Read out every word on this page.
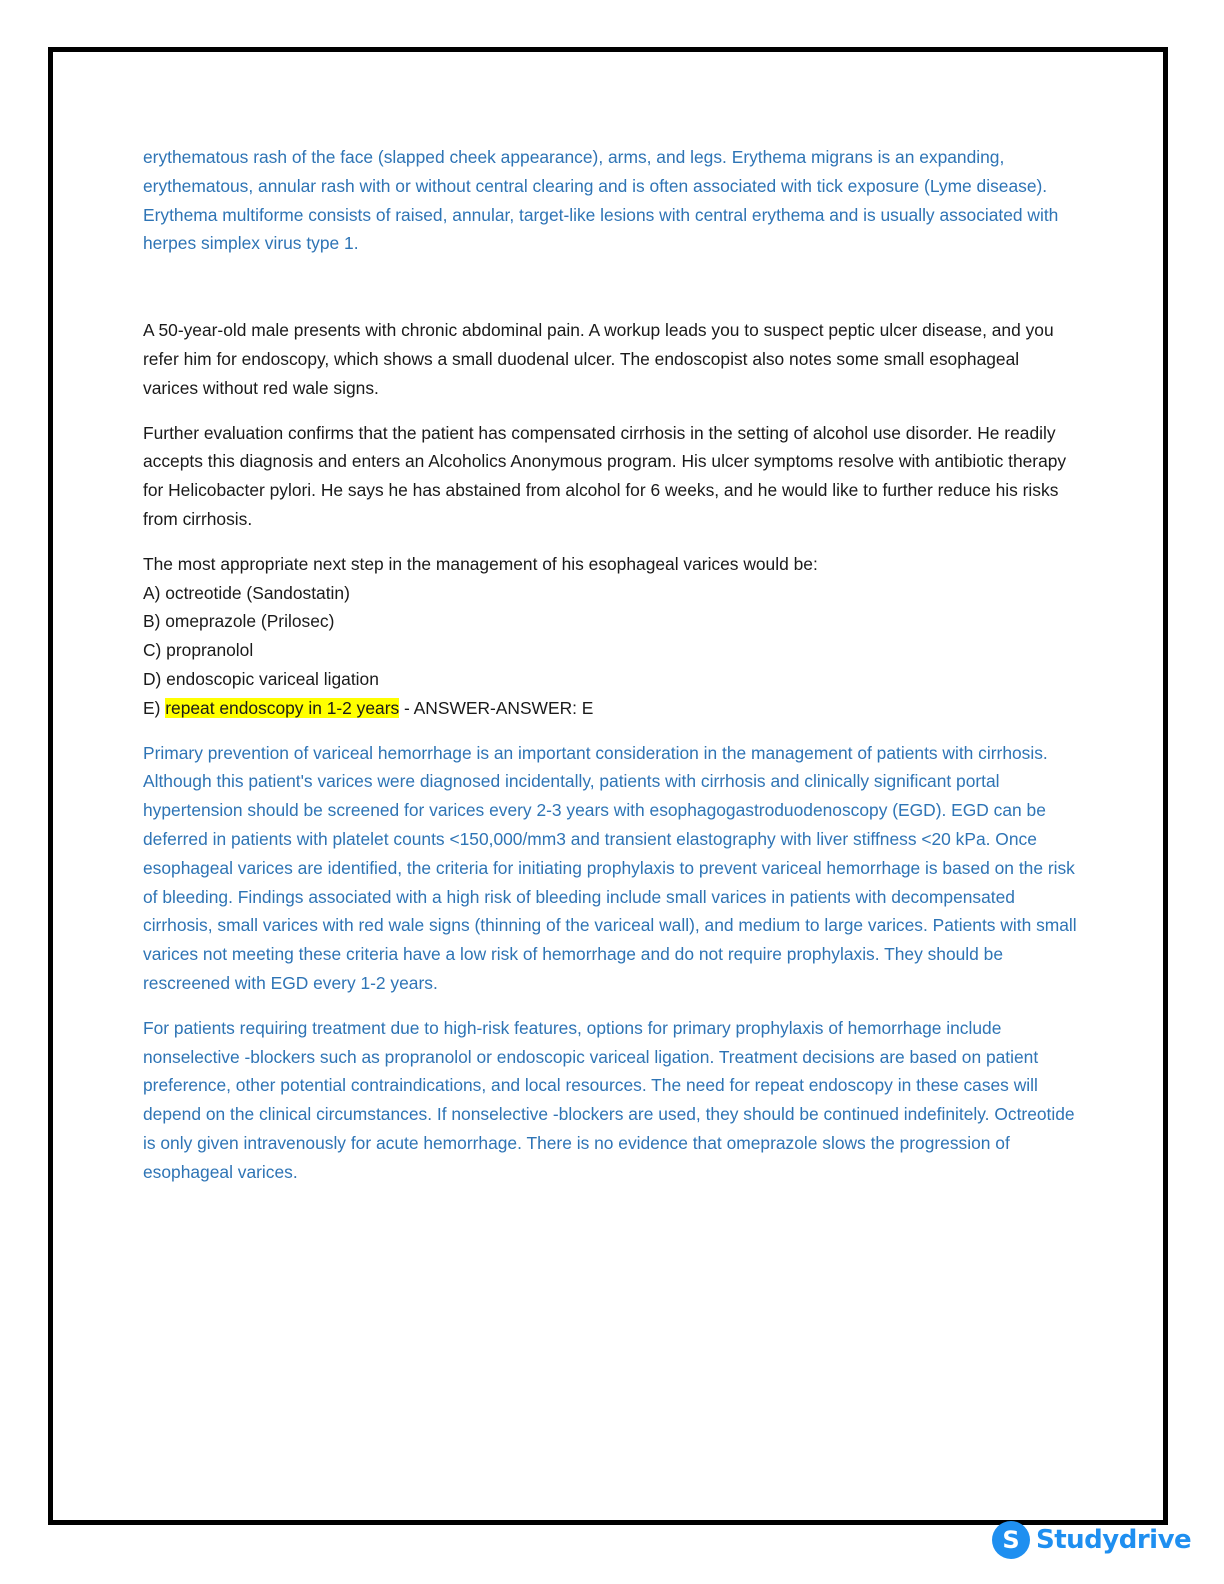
erythematous rash of the face (slapped cheek appearance), arms, and legs. Erythema migrans is an expanding, erythematous, annular rash with or without central clearing and is often associated with tick exposure (Lyme disease). Erythema multiforme consists of raised, annular, target-like lesions with central erythema and is usually associated with herpes simplex virus type 1.

A 50-year-old male presents with chronic abdominal pain. A workup leads you to suspect peptic ulcer disease, and you refer him for endoscopy, which shows a small duodenal ulcer. The endoscopist also notes some small esophageal varices without red wale signs.

Further evaluation confirms that the patient has compensated cirrhosis in the setting of alcohol use disorder. He readily accepts this diagnosis and enters an Alcoholics Anonymous program. His ulcer symptoms resolve with antibiotic therapy for Helicobacter pylori. He says he has abstained from alcohol for 6 weeks, and he would like to further reduce his risks from cirrhosis.

The most appropriate next step in the management of his esophageal varices would be:

A) octreotide (Sandostatin)

B) omeprazole (Prilosec)

C) propranolol

D) endoscopic variceal ligation

E) repeat endoscopy in 1-2 years - ANSWER-ANSWER: E

Primary prevention of variceal hemorrhage is an important consideration in the management of patients with cirrhosis. Although this patient's varices were diagnosed incidentally, patients with cirrhosis and clinically significant portal hypertension should be screened for varices every 2-3 years with esophagogastroduodenoscopy (EGD). EGD can be deferred in patients with platelet counts <150,000/mm3 and transient elastography with liver stiffness <20 kPa. Once esophageal varices are identified, the criteria for initiating prophylaxis to prevent variceal hemorrhage is based on the risk of bleeding. Findings associated with a high risk of bleeding include small varices in patients with decompensated cirrhosis, small varices with red wale signs (thinning of the variceal wall), and medium to large varices. Patients with small varices not meeting these criteria have a low risk of hemorrhage and do not require prophylaxis. They should be rescreened with EGD every 1-2 years.

For patients requiring treatment due to high-risk features, options for primary prophylaxis of hemorrhage include nonselective -blockers such as propranolol or endoscopic variceal ligation. Treatment decisions are based on patient preference, other potential contraindications, and local resources. The need for repeat endoscopy in these cases will depend on the clinical circumstances. If nonselective -blockers are used, they should be continued indefinitely. Octreotide is only given intravenously for acute hemorrhage. There is no evidence that omeprazole slows the progression of esophageal varices.

S Studydrive
